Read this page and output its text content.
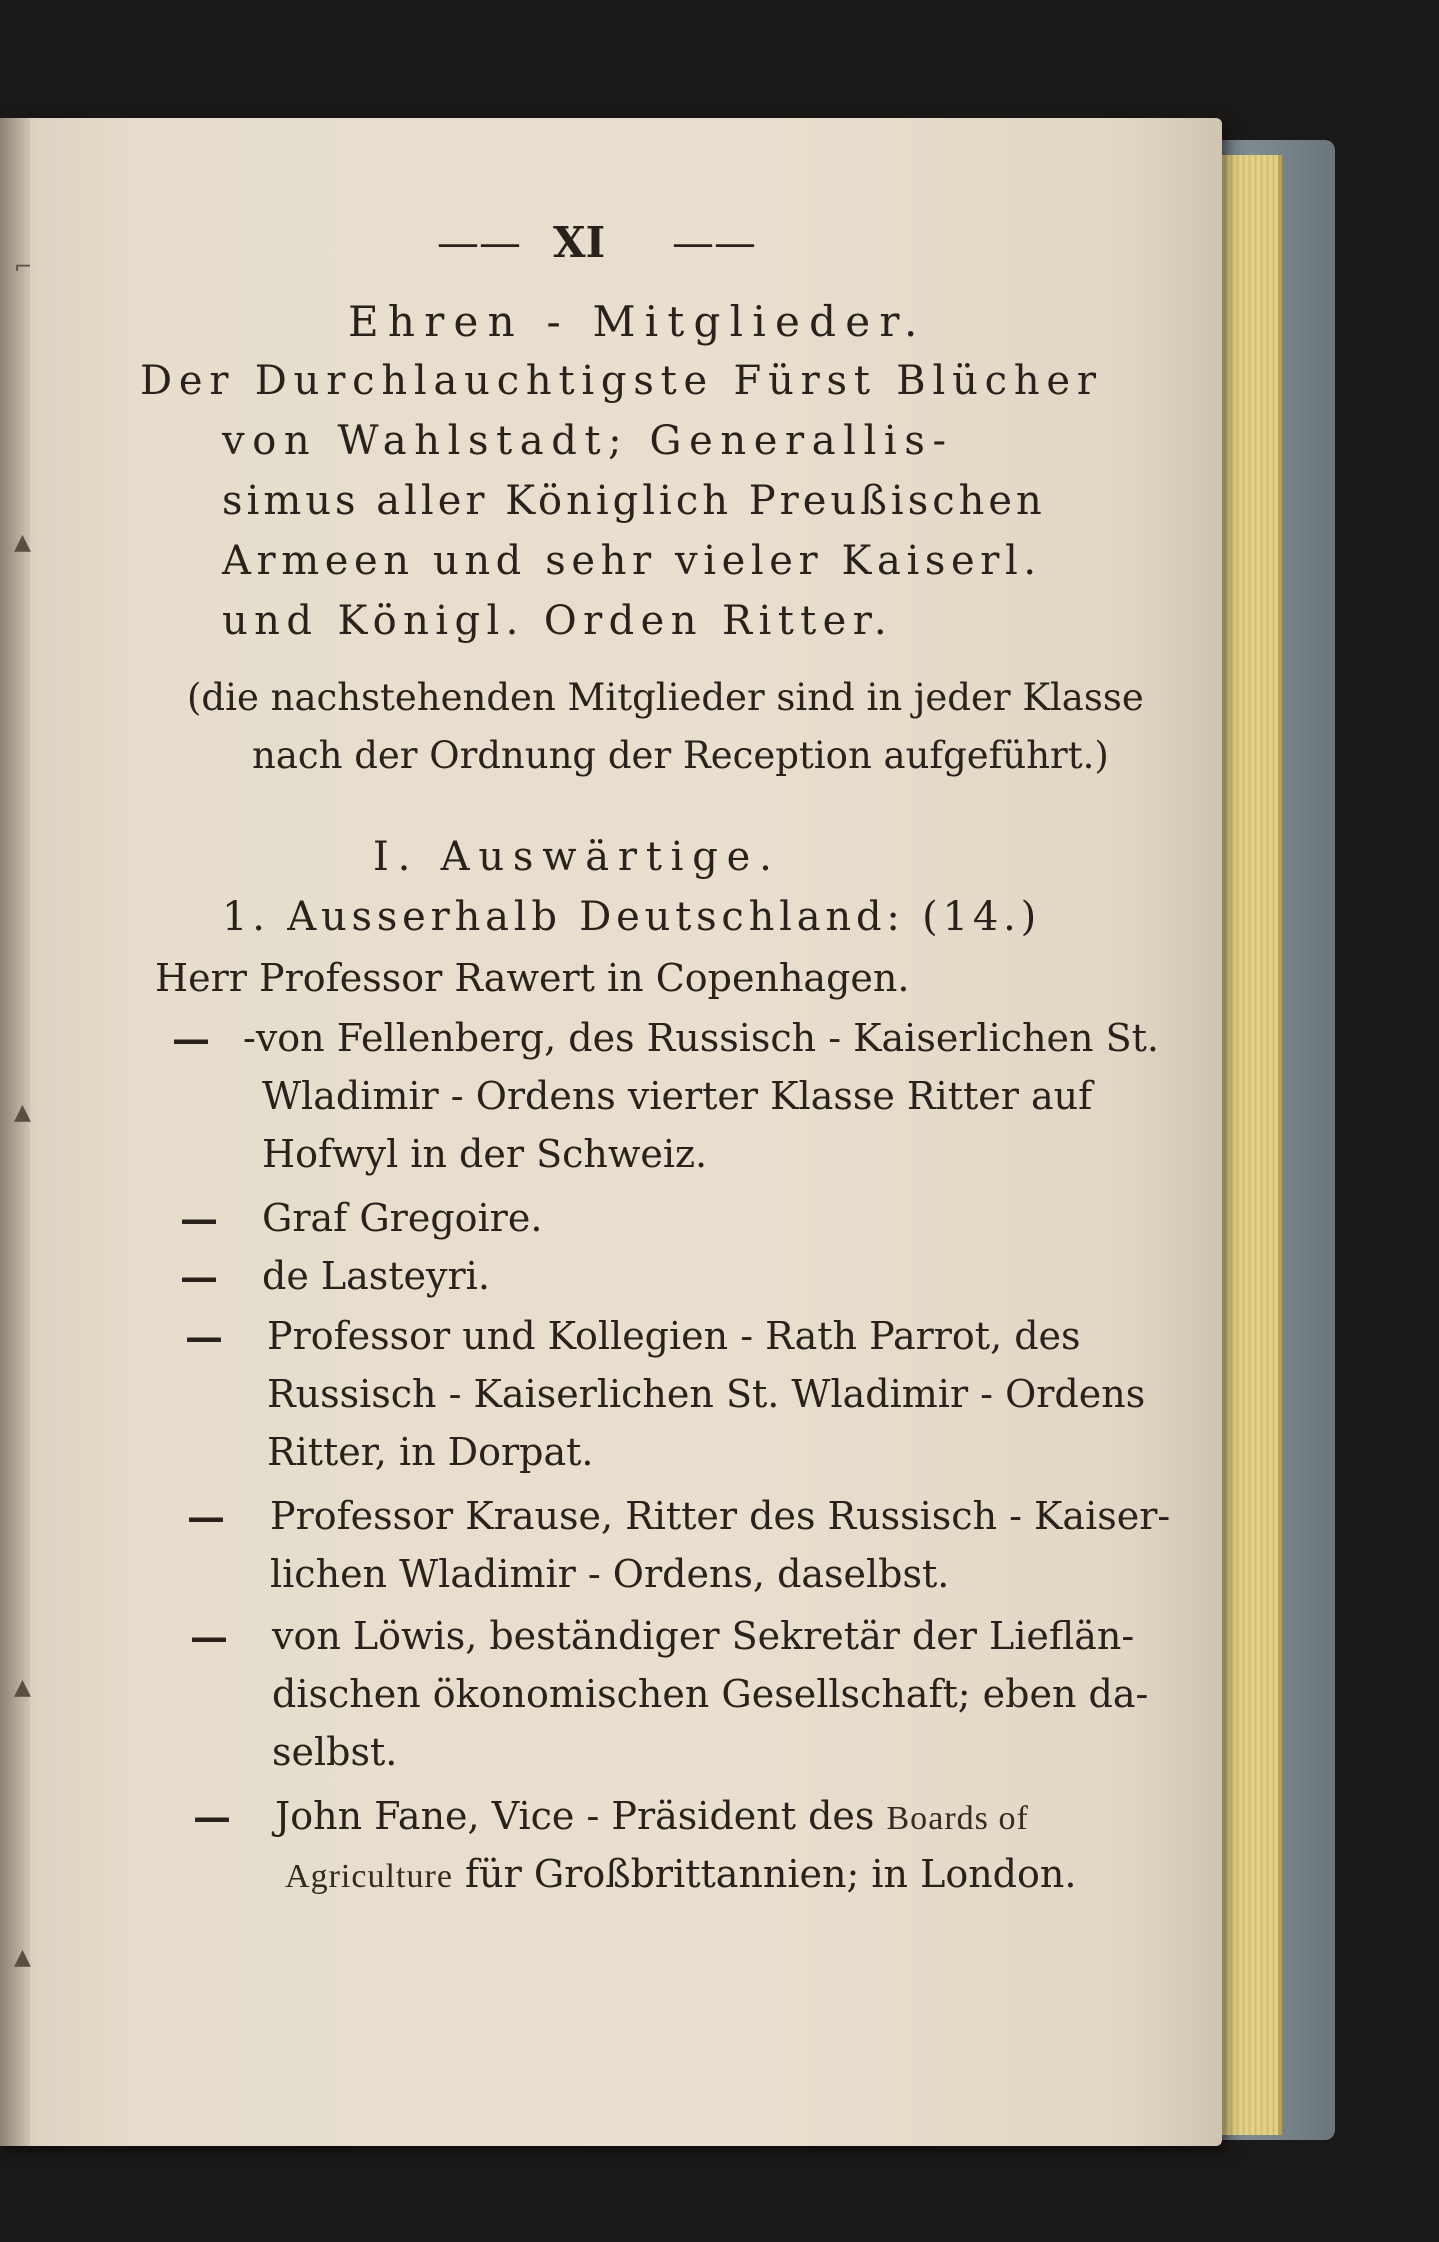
⌐
▲
▲
▲
▲
—— XI ——
Ehren - Mitglieder.
Der Durchlauchtigste Fürst Blücher
von Wahlstadt; Generallis-
simus aller Königlich Preußischen
Armeen und sehr vieler Kaiserl.
und Königl. Orden Ritter.
(die nachstehenden Mitglieder sind in jeder Klasse
nach der Ordnung der Reception aufgeführt.)
I. Auswärtige.
1. Ausserhalb Deutschland: (14.)
Herr Professor Rawert in Copenhagen.
— -von Fellenberg, des Russisch - Kaiserlichen St.
Wladimir - Ordens vierter Klasse Ritter auf
Hofwyl in der Schweiz.
— Graf Gregoire.
— de Lasteyri.
— Professor und Kollegien - Rath Parrot, des
Russisch - Kaiserlichen St. Wladimir - Ordens
Ritter, in Dorpat.
— Professor Krause, Ritter des Russisch - Kaiser-
lichen Wladimir - Ordens, daselbst.
— von Löwis, beständiger Sekretär der Lieflän-
dischen ökonomischen Gesellschaft; eben da-
selbst.
— John Fane, Vice - Präsident des Boards of
Agriculture für Großbrittannien; in London.
